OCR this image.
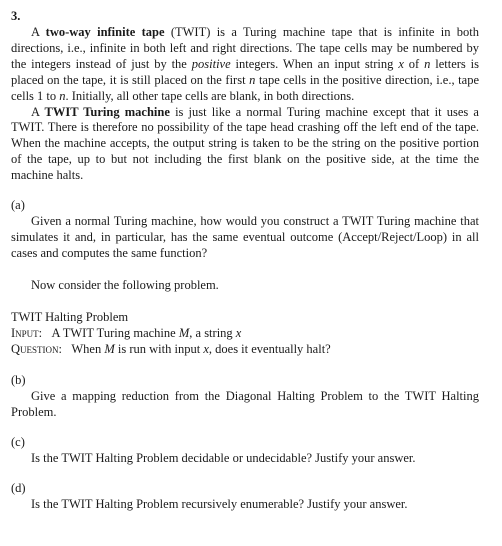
3.

A two-way infinite tape (TWIT) is a Turing machine tape that is infinite in both directions, i.e., infinite in both left and right directions. The tape cells may be numbered by the integers instead of just by the positive integers. When an input string x of n letters is placed on the tape, it is still placed on the first n tape cells in the positive direction, i.e., tape cells 1 to n. Initially, all other tape cells are blank, in both directions.

A TWIT Turing machine is just like a normal Turing machine except that it uses a TWIT. There is therefore no possibility of the tape head crashing off the left end of the tape. When the machine accepts, the output string is taken to be the string on the positive portion of the tape, up to but not including the first blank on the positive side, at the time the machine halts.

(a)

Given a normal Turing machine, how would you construct a TWIT Turing machine that simulates it and, in particular, has the same eventual outcome (Accept/Reject/Loop) in all cases and computes the same function?

Now consider the following problem.

TWIT Halting Problem
Input: A TWIT Turing machine M, a string x
Question: When M is run with input x, does it eventually halt?
(b)

Give a mapping reduction from the Diagonal Halting Problem to the TWIT Halting Problem.

(c)

Is the TWIT Halting Problem decidable or undecidable? Justify your answer.

(d)

Is the TWIT Halting Problem recursively enumerable? Justify your answer.
